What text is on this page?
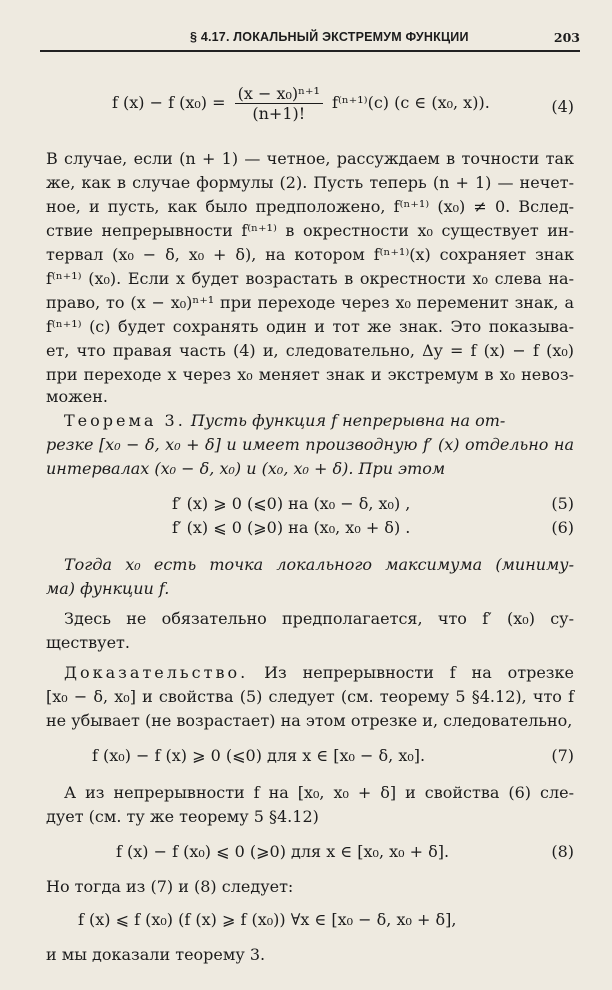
§ 4.17. ЛОКАЛЬНЫЙ ЭКСТРЕМУМ ФУНКЦИИ	203
f (x) − f $(x_0) = \frac{\text{(x − x₀)ⁿ⁺¹}}{(n+1)!} f^{(n+1)}(c)$ (c ∈ (x₀, x)).	(4)
В случае, если (n + 1) — четное, рассуждаем в точности так
же, как в случае формулы (2). Пусть теперь (n + 1) — нечет-
ное, и пусть, как было предположено, f⁽ⁿ⁺¹⁾ (x₀) ≠ 0. Вслед-
ствие непрерывности f⁽ⁿ⁺¹⁾ в окрестности x₀ существует ин-
тервал (x₀ − δ, x₀ + δ), на котором f⁽ⁿ⁺¹⁾(x) сохраняет знак
f⁽ⁿ⁺¹⁾ (x₀). Если x будет возрастать в окрестности x₀ слева на-
право, то (x − x₀)ⁿ⁺¹ при переходе через x₀ переменит знак, а
f⁽ⁿ⁺¹⁾ (c) будет сохранять один и тот же знак. Это показыва-
ет, что правая часть (4) и, следовательно, Δy = f (x) − f (x₀)
при переходе x через x₀ меняет знак и экстремум в x₀ невоз-
можен.
Теорема 3. Пусть функция f непрерывна на от-
резке [x₀ − δ, x₀ + δ] и имеет производную f′ (x) отдельно на
интервалах (x₀ − δ, x₀) и (x₀, x₀ + δ). При этом
f′ (x) ⩾ 0 (⩽0) на (x₀ − δ, x₀) ,	(5)
f′ (x) ⩽ 0 (⩾0) на (x₀, x₀ + δ) .	(6)
Тогда x₀ есть точка локального максимума (миниму-
ма) функции f.
Здесь не обязательно предполагается, что f′ (x₀) су-
ществует.
Доказательство. Из непрерывности f на отрезке
[x₀ − δ, x₀] и свойства (5) следует (см. теорему 5 §4.12), что f
не убывает (не возрастает) на этом отрезке и, следовательно,
f (x₀) − f (x) ⩾ 0 (⩽0) для x ∈ [x₀ − δ, x₀].	(7)
А из непрерывности f на [x₀, x₀ + δ] и свойства (6) сле-
дует (см. ту же теорему 5 §4.12)
f (x) − f (x₀) ⩽ 0 (⩾0) для x ∈ [x₀, x₀ + δ].	(8)
Но тогда из (7) и (8) следует:
f (x) ⩽ f (x₀) (f (x) ⩾ f (x₀)) ∀x ∈ [x₀ − δ, x₀ + δ],
и мы доказали теорему 3.
